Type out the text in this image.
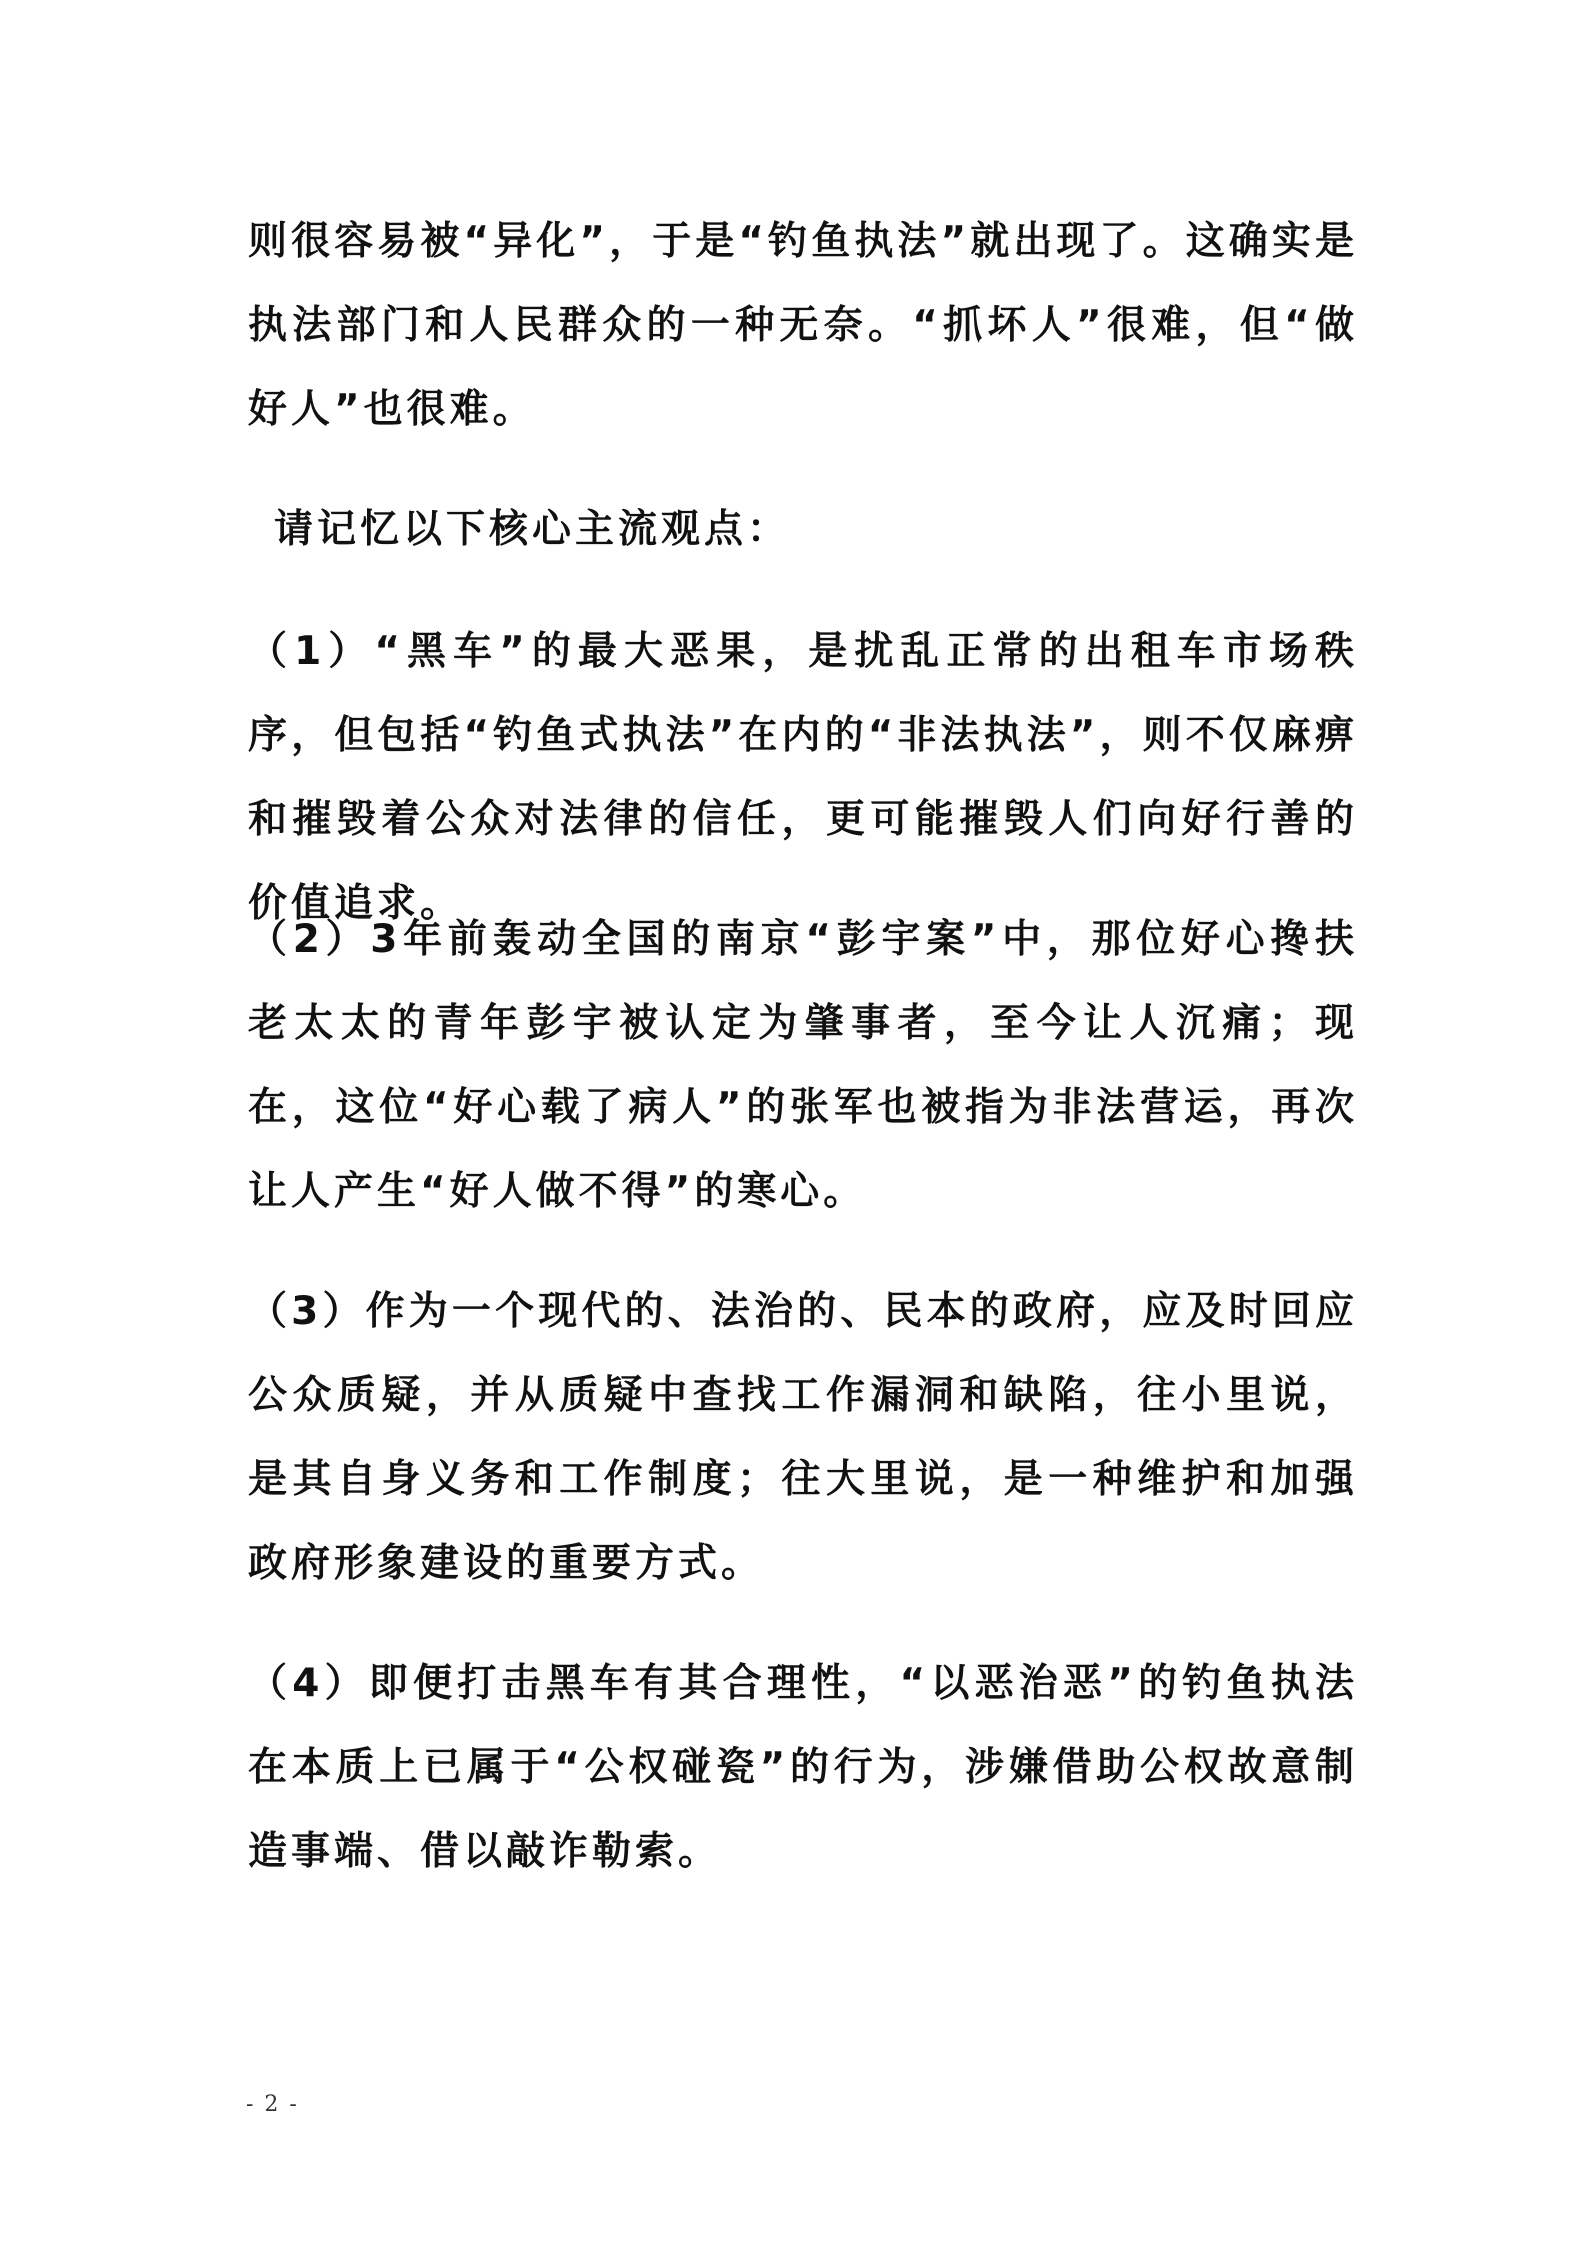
则很容易被“异化”，于是“钓鱼执法”就出现了。这确实是执法部门和人民群众的一种无奈。“抓坏人”很难，但“做好人”也很难。

请记忆以下核心主流观点：

（1）“黑车”的最大恶果，是扰乱正常的出租车市场秩序，但包括“钓鱼式执法”在内的“非法执法”，则不仅麻痹和摧毁着公众对法律的信任，更可能摧毁人们向好行善的价值追求。

（2）3年前轰动全国的南京“彭宇案”中，那位好心搀扶老太太的青年彭宇被认定为肇事者，至今让人沉痛；现在，这位“好心载了病人”的张军也被指为非法营运，再次让人产生“好人做不得”的寒心。

（3）作为一个现代的、法治的、民本的政府，应及时回应公众质疑，并从质疑中查找工作漏洞和缺陷，往小里说，是其自身义务和工作制度；往大里说，是一种维护和加强政府形象建设的重要方式。

（4）即便打击黑车有其合理性，“以恶治恶”的钓鱼执法在本质上已属于“公权碰瓷”的行为，涉嫌借助公权故意制造事端、借以敲诈勒索。

- 2 -
